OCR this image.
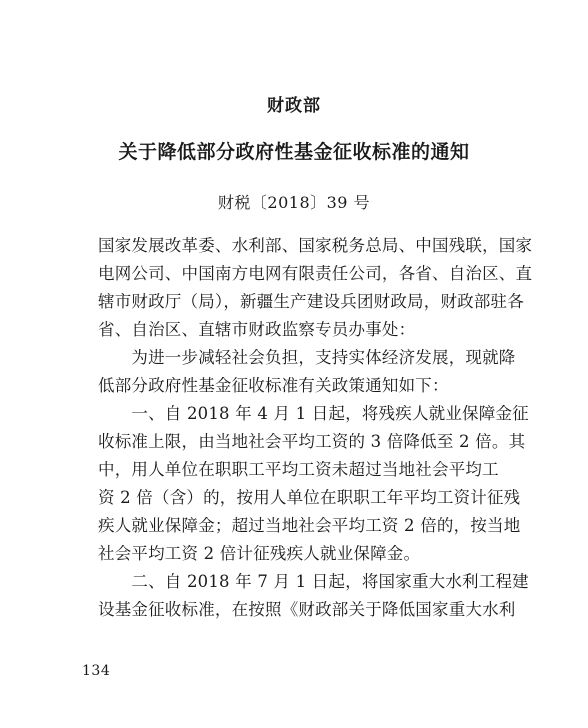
财政部
关于降低部分政府性基金征收标准的通知
财税〔2018〕39 号
国家发展改革委、水利部、国家税务总局、中国残联，国家
电网公司、中国南方电网有限责任公司，各省、自治区、直
辖市财政厅（局），新疆生产建设兵团财政局，财政部驻各
省、自治区、直辖市财政监察专员办事处：
　　为进一步减轻社会负担，支持实体经济发展，现就降
低部分政府性基金征收标准有关政策通知如下：
　　一、自 2018 年 4 月 1 日起，将残疾人就业保障金征
收标准上限，由当地社会平均工资的 3 倍降低至 2 倍。其
中，用人单位在职职工平均工资未超过当地社会平均工
资 2 倍（含）的，按用人单位在职职工年平均工资计征残
疾人就业保障金；超过当地社会平均工资 2 倍的，按当地
社会平均工资 2 倍计征残疾人就业保障金。
　　二、自 2018 年 7 月 1 日起，将国家重大水利工程建
设基金征收标准，在按照《财政部关于降低国家重大水利
134
